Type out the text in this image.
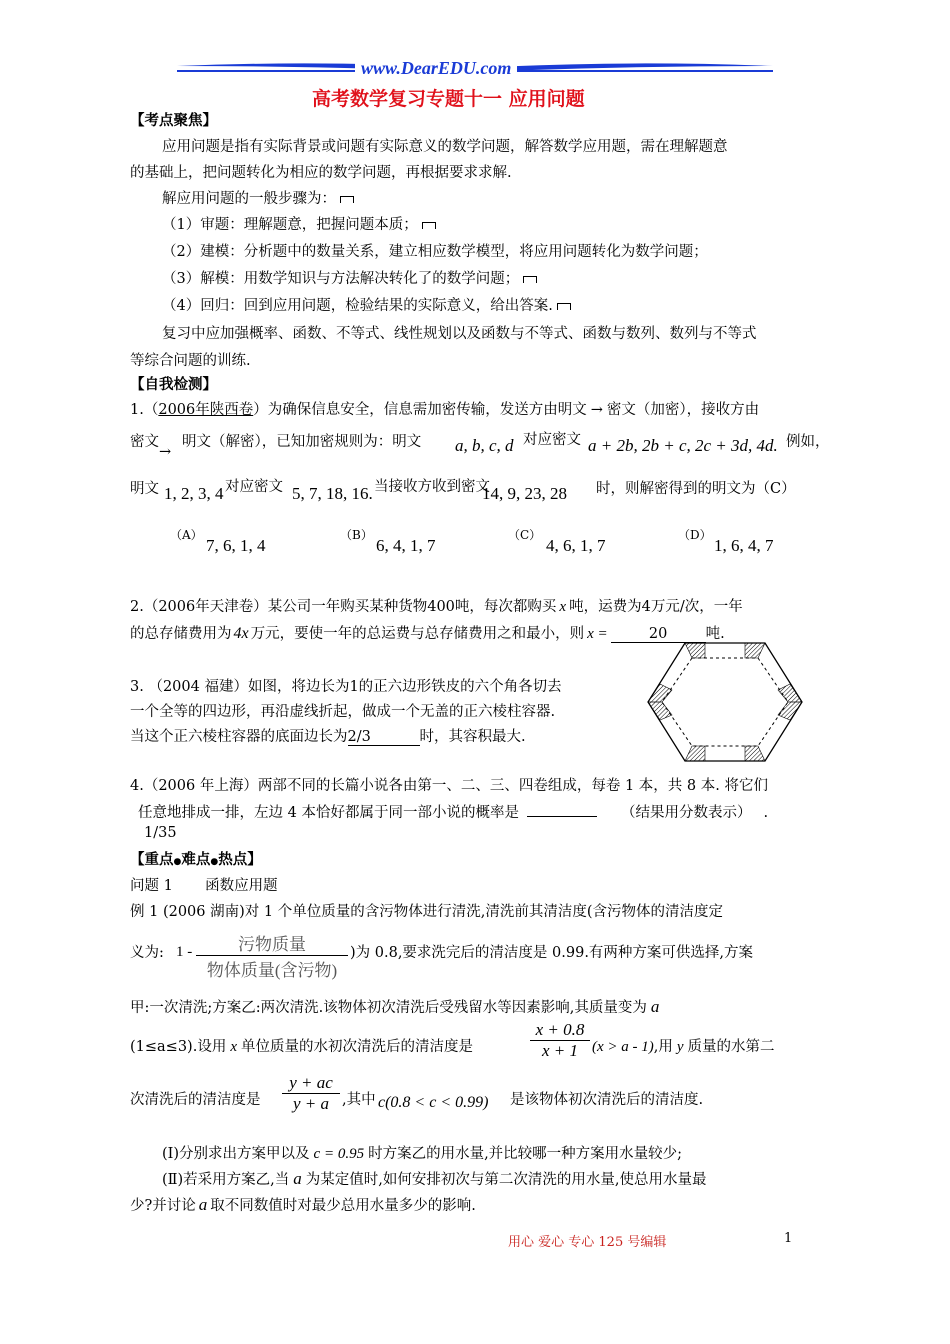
www.DearEDU.com
高考数学复习专题十一 应用问题
【考点聚焦】
应用问题是指有实际背景或问题有实际意义的数学问题，解答数学应用题，需在理解题意
的基础上，把问题转化为相应的数学问题，再根据要求求解.
解应用问题的一般步骤为：
（1）审题：理解题意，把握问题本质；
（2）建模：分析题中的数量关系，建立相应数学模型，将应用问题转化为数学问题；
（3）解模：用数学知识与方法解决转化了的数学问题；
（4）回归：回到应用问题，检验结果的实际意义，给出答案.
复习中应加强概率、函数、不等式、线性规划以及函数与不等式、函数与数列、数列与不等式
等综合问题的训练.
【自我检测】
1.（2006年陕西卷）为确保信息安全，信息需加密传输，发送方由明文 → 密文（加密），接收方由
密文→
明文（解密），已知加密规则为：明文 a, b, c, d 对应密文 a + 2b, 2b + c, 2c + 3d, 4d. 例如，
明文 1, 2, 3, 4 对应密文 5, 7, 18, 16. 当接收方收到密文
14, 9, 23, 28 时，则解密得到的明文为（C）
（A）
7, 6, 1, 4
（B）
6, 4, 1, 7
（C）
4, 6, 1, 7
（D）
1, 6, 4, 7
2.（2006年天津卷）某公司一年购买某种货物400吨，每次都购买 x 吨，运费为4万元/次，一年
的总存储费用为 4x 万元，要使一年的总运费与总存储费用之和最小，则 x =	20	吨.
3. （2004 福建）如图，将边长为1的正六边形铁皮的六个角各切去
一个全等的四边形，再沿虚线折起，做成一个无盖的正六棱柱容器.
当这个正六棱柱容器的底面边长为2/3	时，其容积最大.
4.（2006 年上海）两部不同的长篇小说各由第一、二、三、四卷组成，每卷 1 本，共 8 本. 将它们
任意地排成一排，左边 4 本恰好都属于同一部小说的概率是	（结果用分数表示） .
1/35
【重点●难点●热点】
问题 1       函数应用题
例 1 (2006 湖南)对 1 个单位质量的含污物体进行清洗,清洗前其清洁度(含污物体的清洁度定
义为: 1 -	污物质量
物体质量(含污物)
)为 0.8,要求洗完后的清洁度是 0.99.有两种方案可供选择,方案
甲:一次清洗;方案乙:两次清洗.该物体初次清洗后受残留水等因素影响,其质量变为 a
(1≤a≤3).设用 x 单位质量的水初次清洗后的清洁度是	$\frac{x + 0.8}{x + 1} (x > a - 1)$,用 y 质量的水第二
次清洗后的清洁度是 $\frac{y + ac}{y + a}$ ,其中 c(0.8 < c < 0.99) 是该物体初次清洗后的清洁度.
(Ⅰ)分别求出方案甲以及 c = 0.95 时方案乙的用水量,并比较哪一种方案用水量较少;
(Ⅱ)若采用方案乙,当 a 为某定值时,如何安排初次与第二次清洗的用水量,使总用水量最
少?并讨论 a 取不同数值时对最少总用水量多少的影响.
用心 爱心 专心 125 号编辑	1
